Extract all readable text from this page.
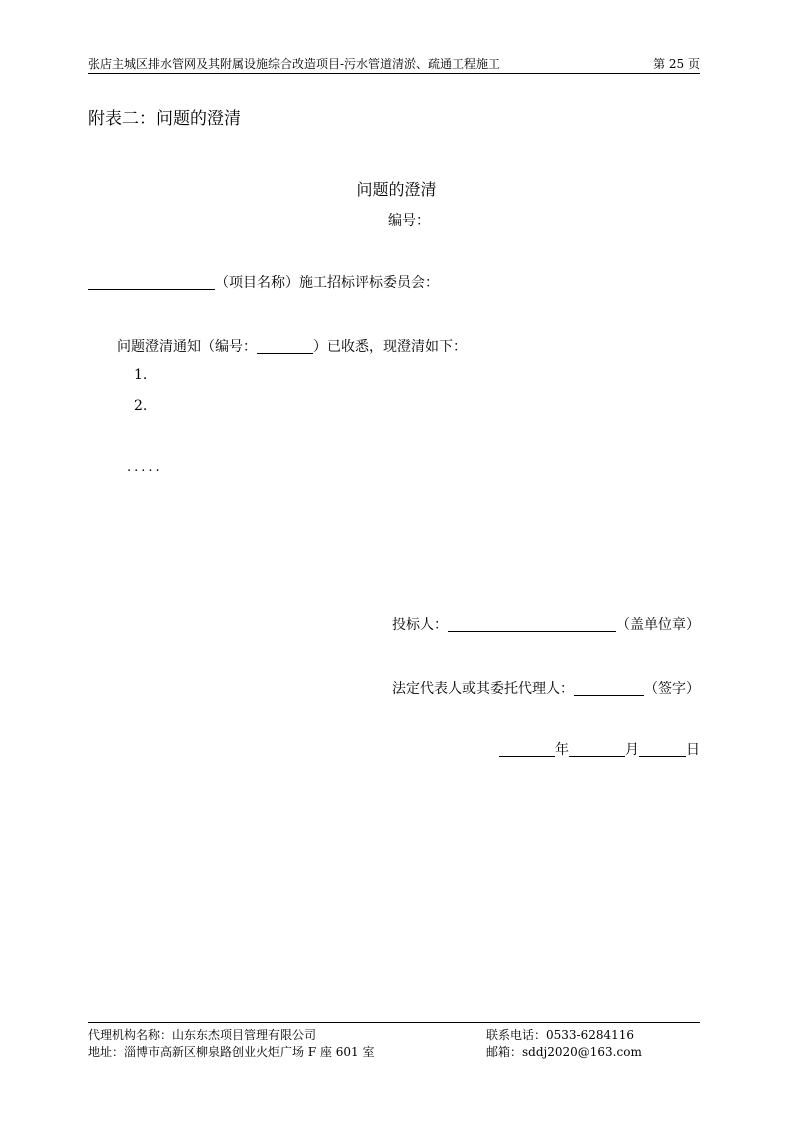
张店主城区排水管网及其附属设施综合改造项目-污水管道清淤、疏通工程施工	第 25 页
附表二：问题的澄清
问题的澄清
编号：
（项目名称）施工招标评标委员会：
问题澄清通知（编号：	）已收悉，现澄清如下：
1.
2.
.....
投标人：	（盖单位章）
法定代表人或其委托代理人：	（签字）
年	月	日
代理机构名称：山东东杰项目管理有限公司
地址：淄博市高新区柳泉路创业火炬广场 F 座 601 室
联系电话：0533-6284116
邮箱：sddj2020@163.com
